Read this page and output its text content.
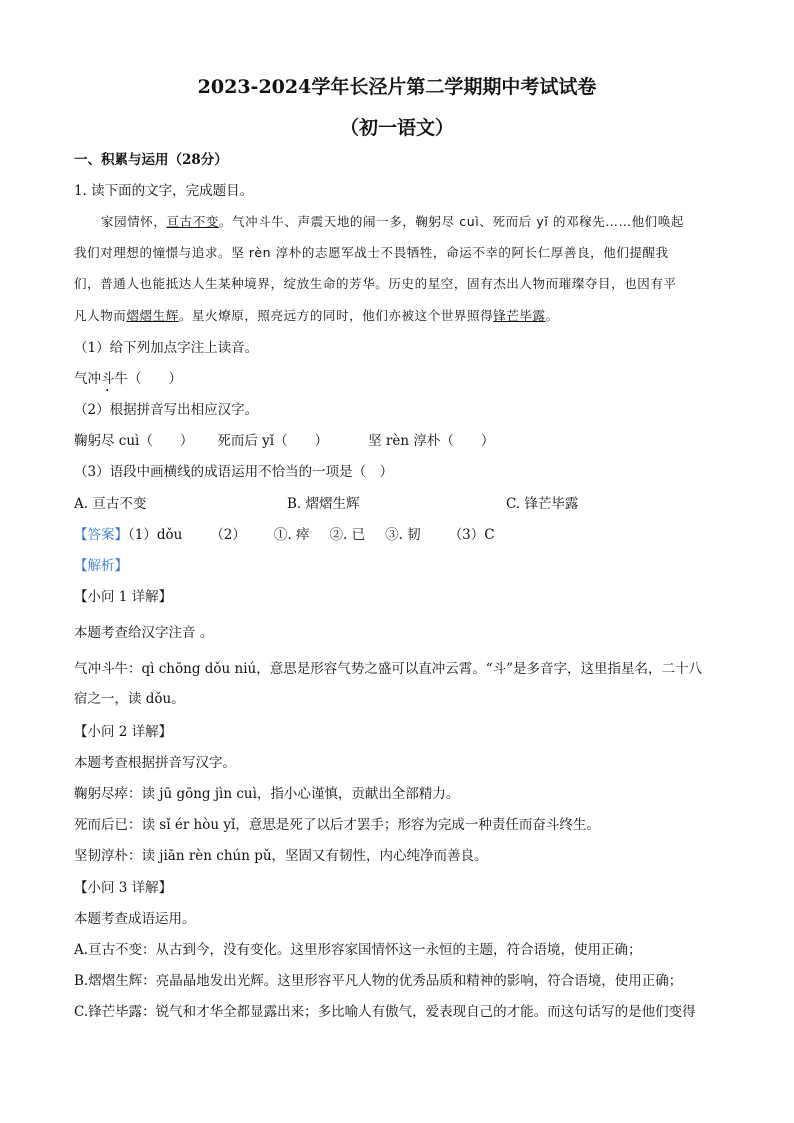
2023-2024学年长泾片第二学期期中考试试卷
（初一语文）
一、积累与运用（28分）
1. 读下面的文字，完成题目。
家园情怀，亘古不变。气冲斗牛、声震天地的闹一多，鞠躬尽 cuì、死而后 yǐ 的邓稼先……他们唤起
我们对理想的憧憬与追求。坚 rèn 淳朴的志愿军战士不畏牺牲，命运不幸的阿长仁厚善良，他们提醒我
们，普通人也能抵达人生某种境界，绽放生命的芳华。历史的星空，固有杰出人物而璀璨夺目，也因有平
凡人物而熠熠生辉。星火燎原，照亮远方的同时，他们亦被这个世界照得锋芒毕露。
（1）给下列加点字注上读音。
气冲斗牛（　　）
（2）根据拼音写出相应汉字。
鞠躬尽 cuì（　　） 死而后 yǐ（　　）	坚 rèn 淳朴（　　）
（3）语段中画横线的成语运用不恰当的一项是（　）
A. 亘古不变	B. 熠熠生辉	C. 锋芒毕露
【答案】（1）dǒu （2） ①. 瘁 ②. 已 ③. 韧 （3）C
【解析】
【小问 1 详解】
本题考查给汉字注音 。
气冲斗牛：qì chōng dǒu niú，意思是形容气势之盛可以直冲云霄。“斗”是多音字，这里指星名，二十八
宿之一，读 dǒu。
【小问 2 详解】
本题考查根据拼音写汉字。
鞠躬尽瘁：读 jū gōng jìn cuì，指小心谨慎，贡献出全部精力。
死而后已：读 sǐ ér hòu yǐ，意思是死了以后才罢手；形容为完成一种责任而奋斗终生。
坚韧淳朴：读 jiān rèn chún pǔ，坚固又有韧性，内心纯净而善良。
【小问 3 详解】
本题考查成语运用。
A.亘古不变：从古到今，没有变化。这里形容家国情怀这一永恒的主题，符合语境，使用正确；
B.熠熠生辉：亮晶晶地发出光辉。这里形容平凡人物的优秀品质和精神的影响，符合语境，使用正确；
C.锋芒毕露：锐气和才华全都显露出来；多比喻人有傲气，爱表现自己的才能。而这句话写的是他们变得
